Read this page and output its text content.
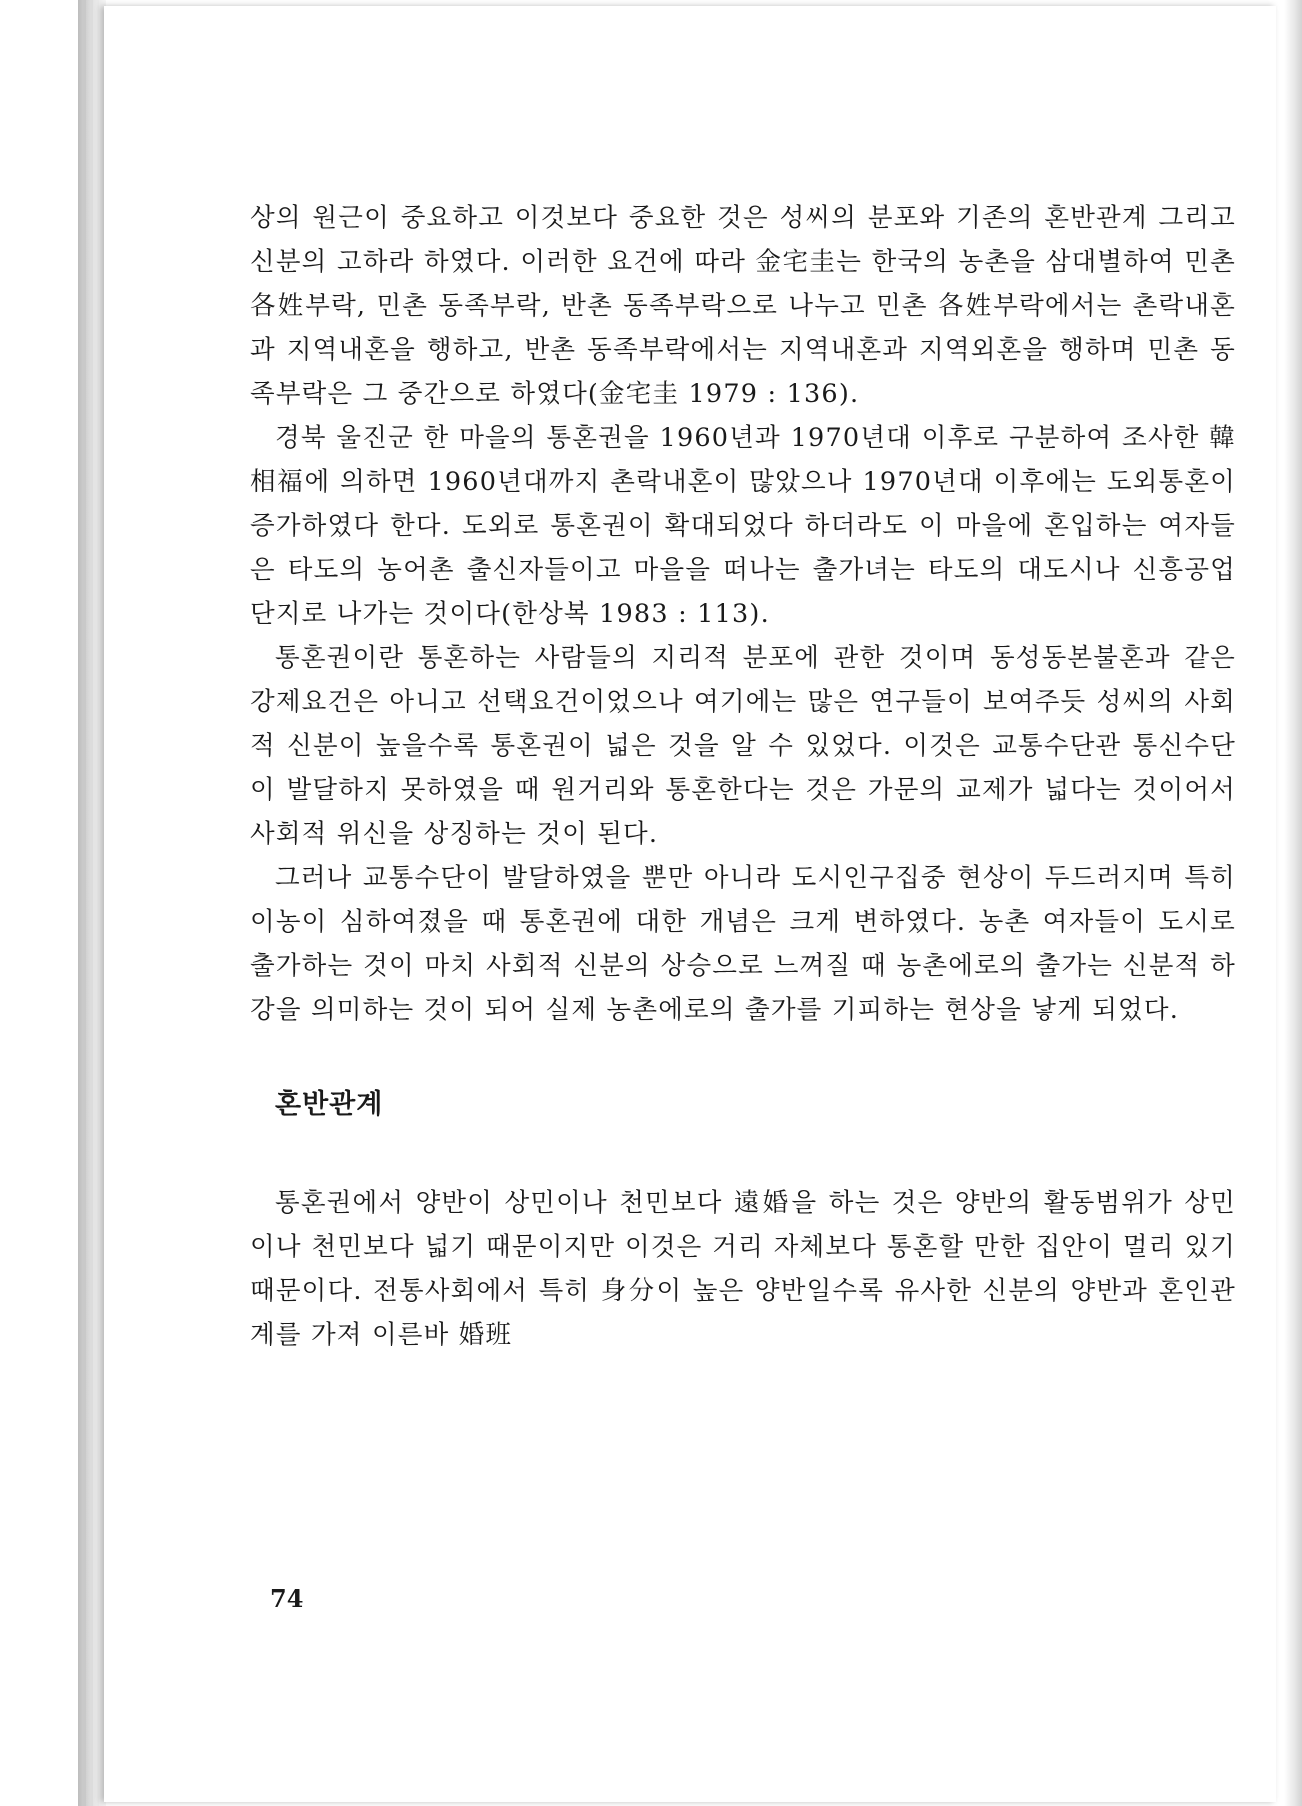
상의 원근이 중요하고 이것보다 중요한 것은 성씨의 분포와 기존의 혼반관계 그리고 신분의 고하라 하였다. 이러한 요건에 따라 金宅圭는 한국의 농촌을 삼대별하여 민촌 各姓부락, 민촌 동족부락, 반촌 동족부락으로 나누고 민촌 各姓부락에서는 촌락내혼과 지역내혼을 행하고, 반촌 동족부락에서는 지역내혼과 지역외혼을 행하며 민촌 동족부락은 그 중간으로 하였다(金宅圭 1979 : 136).

경북 울진군 한 마을의 통혼권을 1960년과 1970년대 이후로 구분하여 조사한 韓相福에 의하면 1960년대까지 촌락내혼이 많았으나 1970년대 이후에는 도외통혼이 증가하였다 한다. 도외로 통혼권이 확대되었다 하더라도 이 마을에 혼입하는 여자들은 타도의 농어촌 출신자들이고 마을을 떠나는 출가녀는 타도의 대도시나 신흥공업단지로 나가는 것이다(한상복 1983 : 113).

통혼권이란 통혼하는 사람들의 지리적 분포에 관한 것이며 동성동본불혼과 같은 강제요건은 아니고 선택요건이었으나 여기에는 많은 연구들이 보여주듯 성씨의 사회적 신분이 높을수록 통혼권이 넓은 것을 알 수 있었다. 이것은 교통수단관 통신수단이 발달하지 못하였을 때 원거리와 통혼한다는 것은 가문의 교제가 넓다는 것이어서 사회적 위신을 상징하는 것이 된다.

그러나 교통수단이 발달하였을 뿐만 아니라 도시인구집중 현상이 두드러지며 특히 이농이 심하여졌을 때 통혼권에 대한 개념은 크게 변하였다. 농촌 여자들이 도시로 출가하는 것이 마치 사회적 신분의 상승으로 느껴질 때 농촌에로의 출가는 신분적 하강을 의미하는 것이 되어 실제 농촌에로의 출가를 기피하는 현상을 낳게 되었다.

혼반관계

통혼권에서 양반이 상민이나 천민보다 遠婚을 하는 것은 양반의 활동범위가 상민이나 천민보다 넓기 때문이지만 이것은 거리 자체보다 통혼할 만한 집안이 멀리 있기 때문이다. 전통사회에서 특히 身分이 높은 양반일수록 유사한 신분의 양반과 혼인관계를 가져 이른바 婚班

74
